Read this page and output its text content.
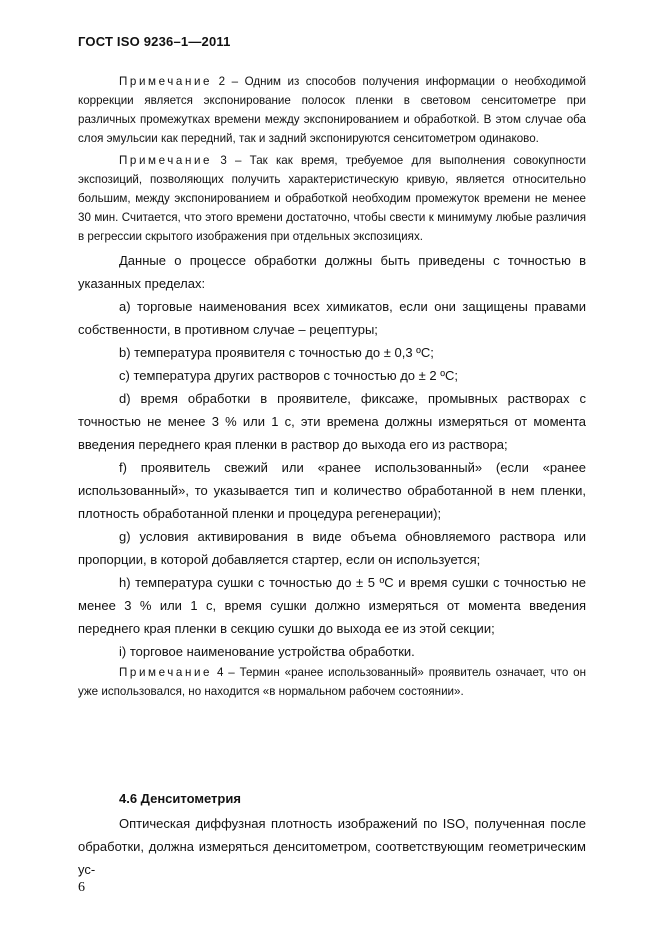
ГОСТ ISO 9236–1—2011

Примечание 2 – Одним из способов получения информации о необходимой коррекции является экспонирование полосок пленки в световом сенситометре при различных промежутках времени между экспонированием и обработкой. В этом случае оба слоя эмульсии как передний, так и задний экспонируются сенситометром одинаково.

Примечание 3 – Так как время, требуемое для выполнения совокупности экспозиций, позволяющих получить характеристическую кривую, является относительно большим, между экспонированием и обработкой необходим промежуток времени не менее 30 мин. Считается, что этого времени достаточно, чтобы свести к минимуму любые различия в регрессии скрытого изображения при отдельных экспозициях.

Данные о процессе обработки должны быть приведены с точностью в указанных пределах:

а) торговые наименования всех химикатов, если они защищены правами собственности, в противном случае – рецептуры;

b) температура проявителя с точностью до ± 0,3 ºС;

с) температура других растворов с точностью до ± 2 ºС;

d) время обработки в проявителе, фиксаже, промывных растворах с точностью не менее 3 % или 1 с, эти времена должны измеряться от момента введения переднего края пленки в раствор до выхода его из раствора;

f) проявитель свежий или «ранее использованный» (если «ранее использованный», то указывается тип и количество обработанной в нем пленки, плотность обработанной пленки и процедура регенерации);

g) условия активирования в виде объема обновляемого раствора или пропорции, в которой добавляется стартер, если он используется;

h) температура сушки с точностью до ± 5 ºС и время сушки с точностью не менее 3 % или 1 с, время сушки должно измеряться от момента введения переднего края пленки в секцию сушки до выхода ее из этой секции;

i) торговое наименование устройства обработки.

Примечание 4 – Термин «ранее использованный» проявитель означает, что он уже использовался, но находится «в нормальном рабочем состоянии».

4.6 Денситометрия

Оптическая диффузная плотность изображений по ISO, полученная после обработки, должна измеряться денситометром, соответствующим геометрическим ус-

6
